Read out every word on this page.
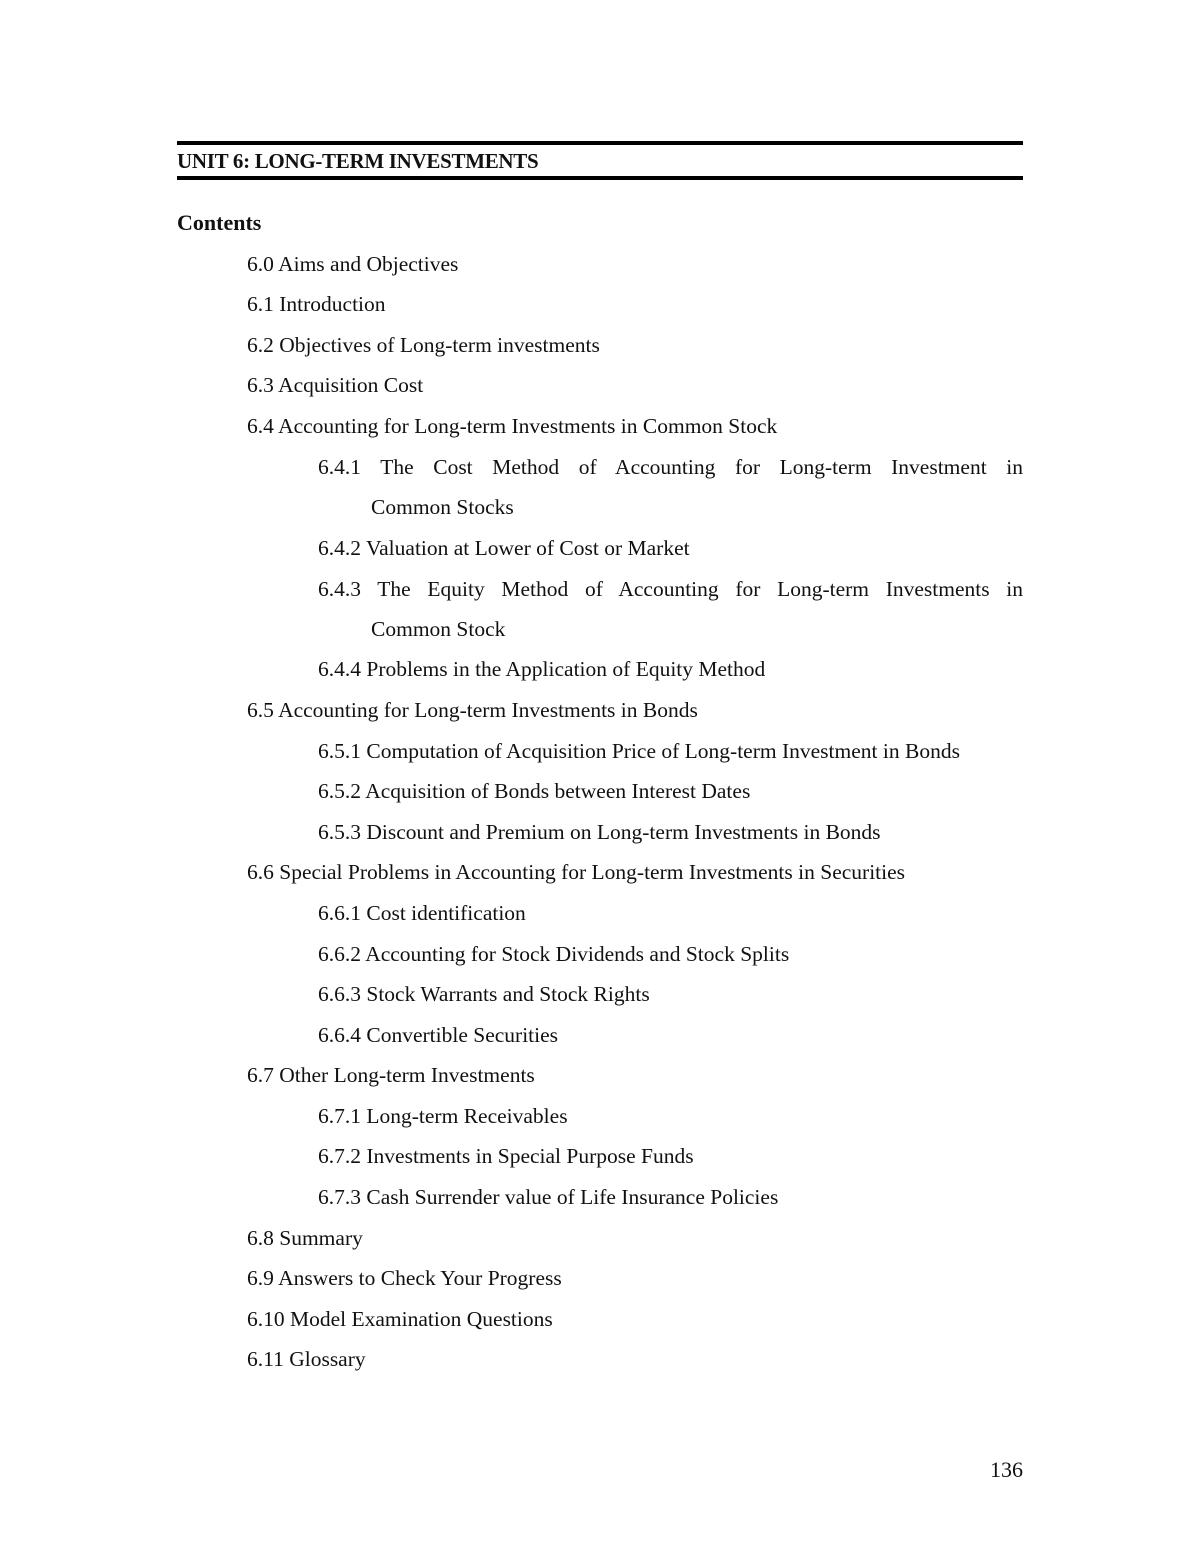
UNIT 6: LONG-TERM INVESTMENTS
Contents
6.0 Aims and Objectives
6.1 Introduction
6.2 Objectives of Long-term investments
6.3 Acquisition Cost
6.4 Accounting for Long-term Investments in Common Stock
6.4.1 The Cost Method of Accounting for Long-term Investment in
Common Stocks
6.4.2 Valuation at Lower of Cost or Market
6.4.3 The Equity Method of Accounting for Long-term Investments in
Common Stock
6.4.4 Problems in the Application of Equity Method
6.5 Accounting for Long-term Investments in Bonds
6.5.1 Computation of Acquisition Price of Long-term Investment in Bonds
6.5.2 Acquisition of Bonds between Interest Dates
6.5.3 Discount and Premium on Long-term Investments in Bonds
6.6 Special Problems in Accounting for Long-term Investments in Securities
6.6.1 Cost identification
6.6.2 Accounting for Stock Dividends and Stock Splits
6.6.3 Stock Warrants and Stock Rights
6.6.4 Convertible Securities
6.7 Other Long-term Investments
6.7.1 Long-term Receivables
6.7.2 Investments in Special Purpose Funds
6.7.3 Cash Surrender value of Life Insurance Policies
6.8 Summary
6.9 Answers to Check Your Progress
6.10 Model Examination Questions
6.11 Glossary
136
